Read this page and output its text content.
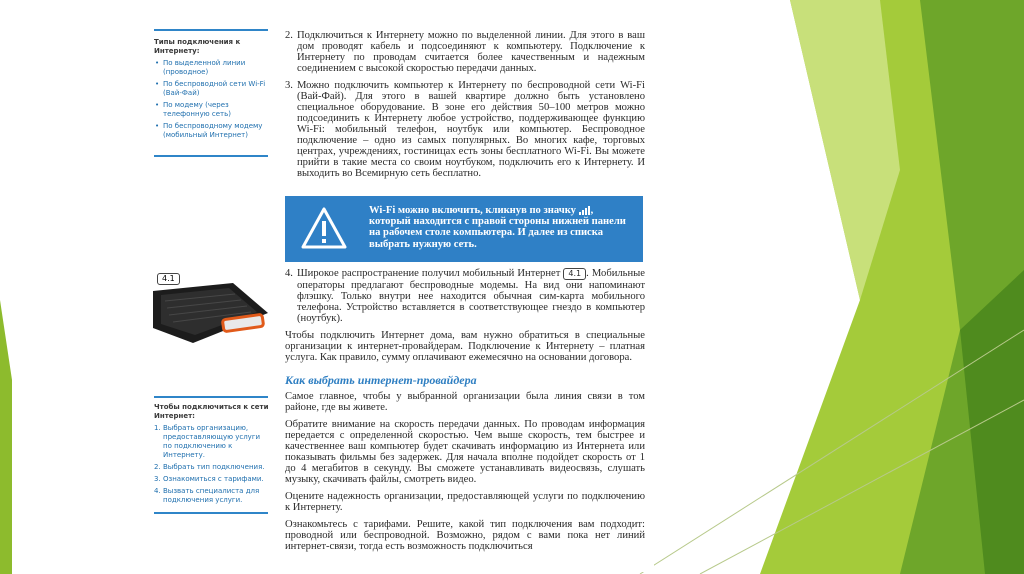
Типы подключения к Интернету:
• По выделенной линии (проводное)
• По беспроводной сети Wi-Fi (Вай-Фай)
• По модему (через телефонную сеть)
• По беспроводному модему (мобильный Интернет)
4.1
Чтобы подключиться к сети Интернет:
1. Выбрать организацию, предоставляющую услуги по подключению к Интернету.
2. Выбрать тип подключения.
3. Ознакомиться с тарифами.
4. Вызвать специалиста для подключения услуги.

2. Подключиться к Интернету можно по выделенной линии. Для этого в ваш дом проводят кабель и подсоединяют к компьютеру. Подключение к Интернету по проводам считается более качественным и надежным соединением с высокой скоростью передачи данных.

3. Можно подключить компьютер к Интернету по беспроводной сети Wi-Fi (Вай-Фай). Для этого в вашей квартире должно быть установлено специальное оборудование. В зоне его действия 50–100 метров можно подсоединить к Интернету любое устройство, поддерживающее функцию Wi-Fi: мобильный телефон, ноутбук или компьютер. Беспроводное подключение – одно из самых популярных. Во многих кафе, торговых центрах, учреждениях, гостиницах есть зоны бесплатного Wi-Fi. Вы можете прийти в такие места со своим ноутбуком, подключить его к Интернету. И выходить во Всемирную сеть бесплатно.

Wi-Fi можно включить, кликнув по значку , который находится с правой стороны нижней панели на рабочем столе компьютера. И далее из списка выбрать нужную сеть.

4. Широкое распространение получил мобильный Интернет 4.1 . Мобильные операторы предлагают беспроводные модемы. На вид они напоминают флэшку. Только внутри нее находится обычная сим-карта мобильного телефона. Устройство вставляется в соответствующее гнездо в компьютер (ноутбук).

Чтобы подключить Интернет дома, вам нужно обратиться в специальные организации к интернет-провайдерам. Подключение к Интернету – платная услуга. Как правило, сумму оплачивают ежемесячно на основании договора.

Как выбрать интернет-провайдера

Самое главное, чтобы у выбранной организации была линия связи в том районе, где вы живете.

Обратите внимание на скорость передачи данных. По проводам информация передается с определенной скоростью. Чем выше скорость, тем быстрее и качественнее ваш компьютер будет скачивать информацию из Интернета или показывать фильмы без задержек. Для начала вполне подойдет скорость от 1 до 4 мегабитов в секунду. Вы сможете устанавливать видеосвязь, слушать музыку, скачивать файлы, смотреть видео.

Оцените надежность организации, предоставляющей услуги по подключению к Интернету.

Ознакомьтесь с тарифами. Решите, какой тип подключения вам подходит: проводной или беспроводной. Возможно, рядом с вами пока нет линий интернет-связи, тогда есть возможность подключиться
